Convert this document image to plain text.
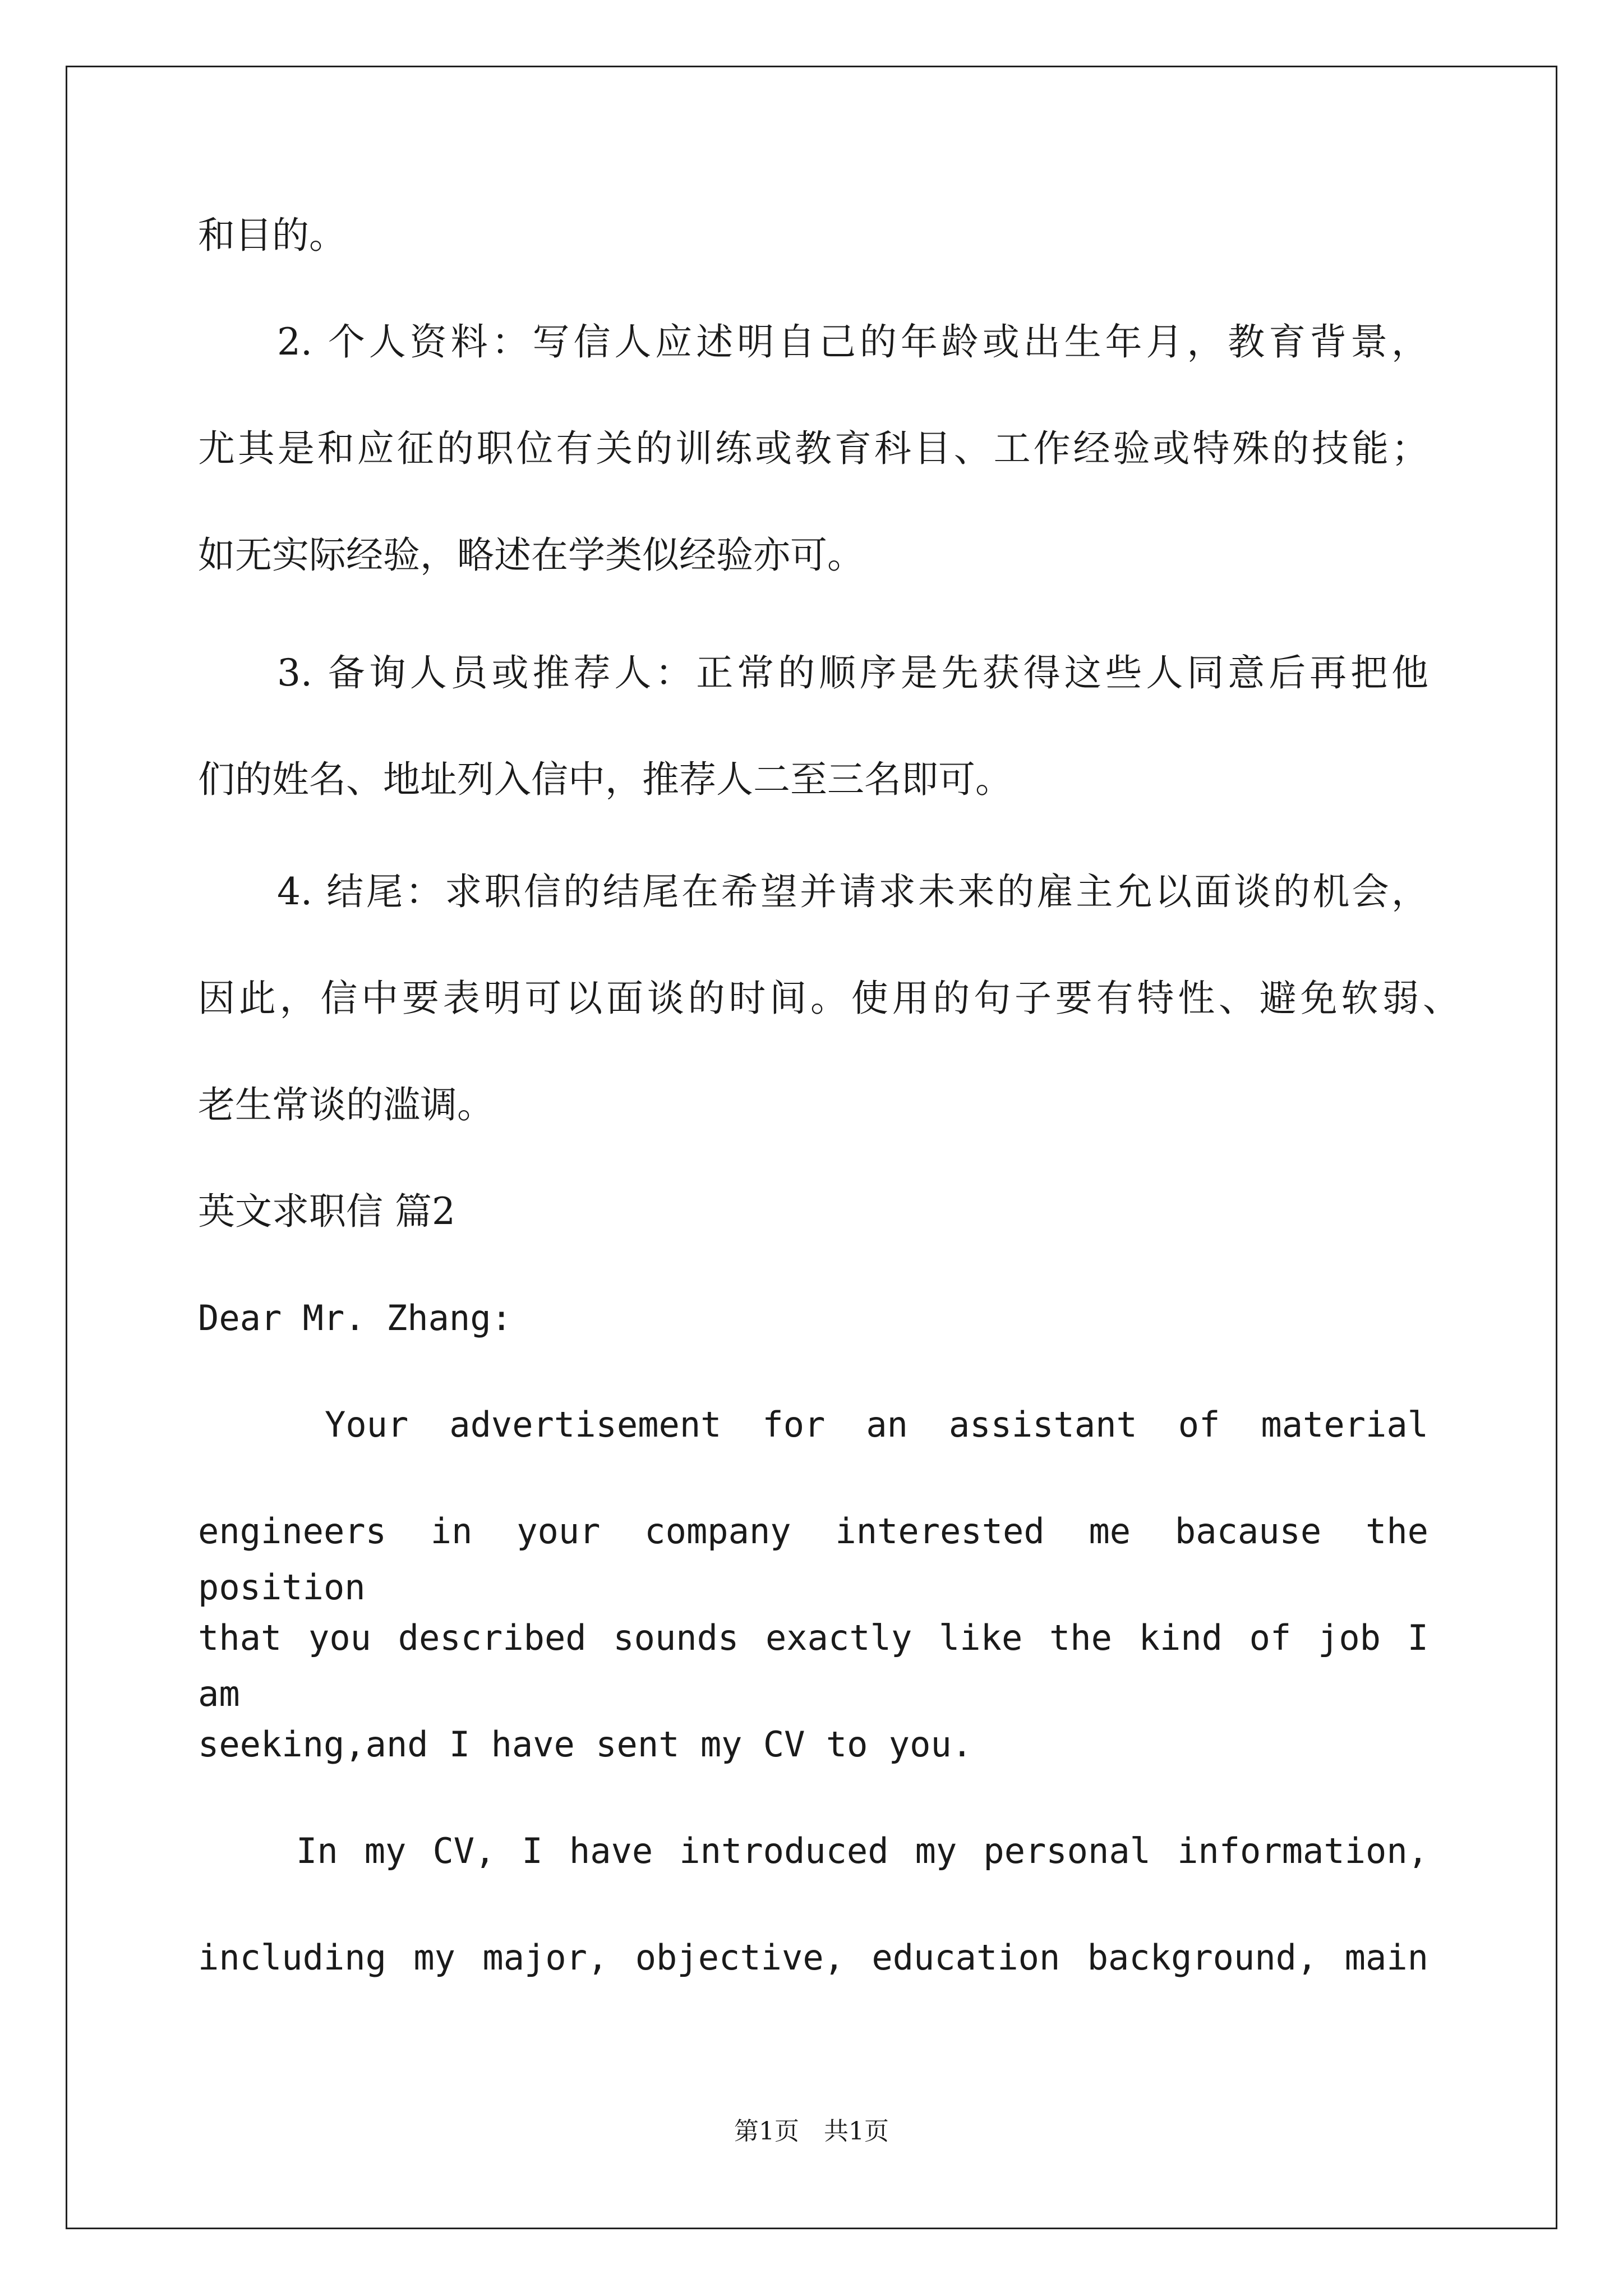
和目的。
2. 个人资料：写信人应述明自己的年龄或出生年月，教育背景，
尤其是和应征的职位有关的训练或教育科目、工作经验或特殊的技能；
如无实际经验，略述在学类似经验亦可。
3. 备询人员或推荐人：正常的顺序是先获得这些人同意后再把他
们的姓名、地址列入信中，推荐人二至三名即可。
4. 结尾：求职信的结尾在希望并请求未来的雇主允以面谈的机会，
因此，信中要表明可以面谈的时间。使用的句子要有特性、避免软弱、
老生常谈的滥调。
英文求职信 篇2
Dear Mr. Zhang:
Your advertisement for an assistant of material
engineers in your company interested me bacause the position
that you described sounds exactly like the kind of job I am
seeking,and I have sent my CV to you.
In my CV, I have introduced my personal information,
including my major, objective, education background, main
第1页　共1页
